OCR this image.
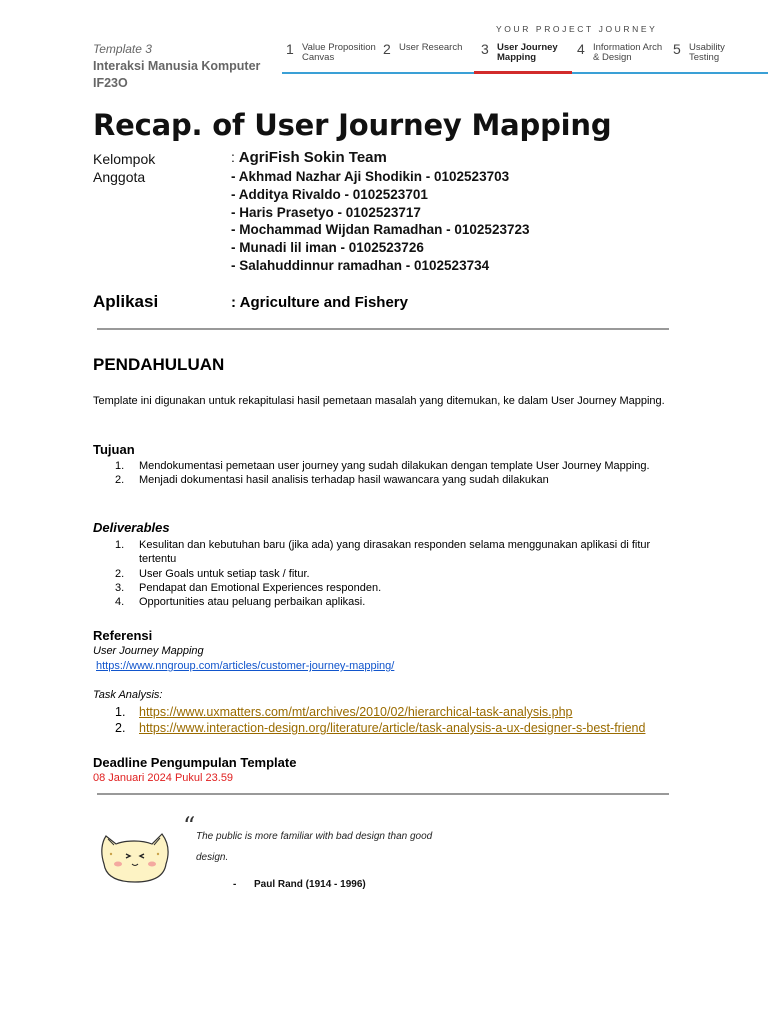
Template 3
Interaksi Manusia Komputer IF23O
YOUR PROJECT JOURNEY
1 Value Proposition Canvas
2 User Research	3 User Journey Mapping
4 Information Arch & Design
5 Usability Testing
Recap. of User Journey Mapping
Kelompok	: AgriFish Sokin Team
Anggota	- Akhmad Nazhar Aji Shodikin - 0102523703
- Additya Rivaldo - 0102523701
- Haris Prasetyo - 0102523717
- Mochammad Wijdan Ramadhan - 0102523723
- Munadi lil iman - 0102523726
- Salahuddinnur ramadhan - 0102523734
Aplikasi	: Agriculture and Fishery
PENDAHULUAN

Template ini digunakan untuk rekapitulasi hasil pemetaan masalah yang ditemukan, ke dalam User Journey Mapping.

Tujuan
1. Mendokumentasi pemetaan user journey yang sudah dilakukan dengan template User Journey Mapping.
2. Menjadi dokumentasi hasil analisis terhadap hasil wawancara yang sudah dilakukan
Deliverables
1. Kesulitan dan kebutuhan baru (jika ada) yang dirasakan responden selama menggunakan aplikasi di fitur tertentu
2. User Goals untuk setiap task / fitur.
3. Pendapat dan Emotional Experiences responden.
4. Opportunities atau peluang perbaikan aplikasi.
Referensi
User Journey Mapping
https://www.nngroup.com/articles/customer-journey-mapping/
Task Analysis:
1. https://www.uxmatters.com/mt/archives/2010/02/hierarchical-task-analysis.php
2. https://www.interaction-design.org/literature/article/task-analysis-a-ux-designer-s-best-friend
Deadline Pengumpulan Template
08 Januari 2024 Pukul 23.59
“ The public is more familiar with bad design than good design.
- Paul Rand (1914 - 1996)
